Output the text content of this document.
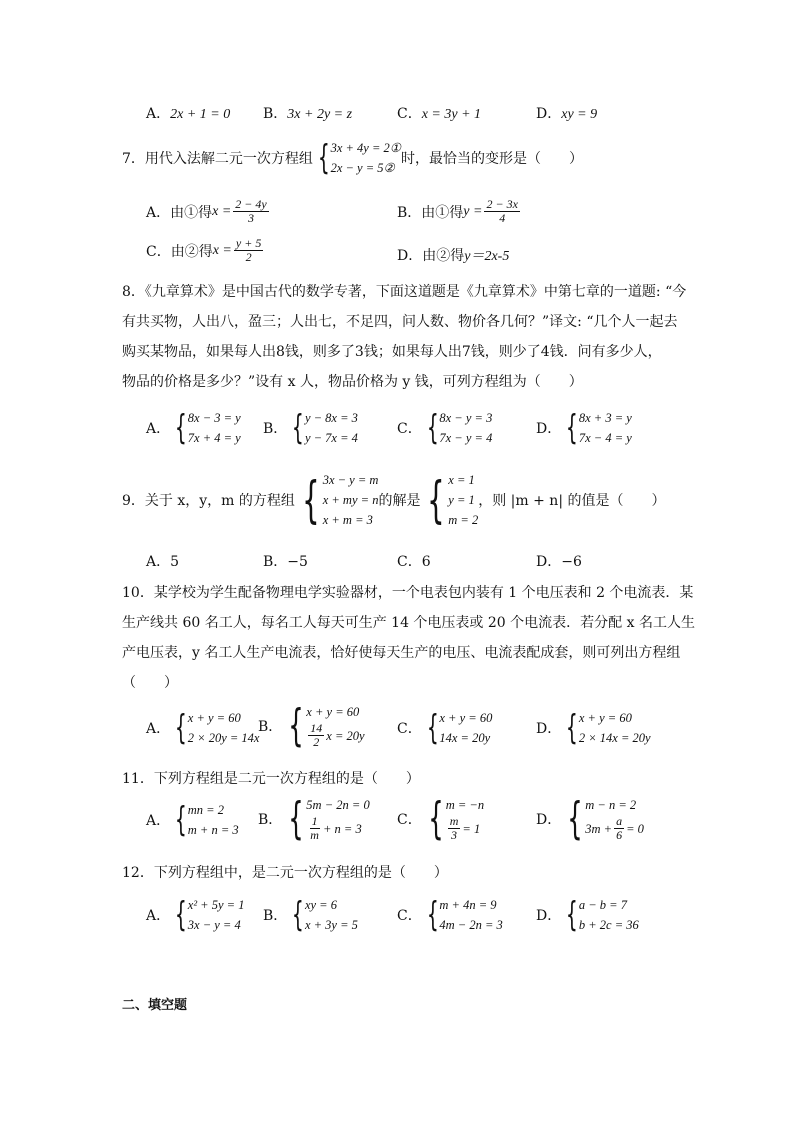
A．2x + 1 = 0 B．3x + 2y = z	C．x = 3y + 1	D．xy = 9
7．用代入法解二元一次方程组 { 3x + 4y = 2①
2x − y = 5②
时，最恰当的变形是（　　）
A．由①得 $x = \frac{2 - 4y}{3}$	B．由①得 $y = \frac{2 - 3x}{4}$
C．由②得 $x = \frac{y + 5}{2}$	D．由②得y＝2x-5
8．《九章算术》是中国古代的数学专著，下面这道题是《九章算术》中第七章的一道题: “今
有共买物，人出八，盈三；人出七，不足四，问人数、物价各几何？”译文: “几个人一起去
购买某物品，如果每人出8钱，则多了3钱；如果每人出7钱，则少了4钱．问有多少人，
物品的价格是多少？”设有 x 人，物品价格为 y 钱，可列方程组为（　　）
A． { 8x − 3 = y
7x + 4 = y
B． { y − 8x = 3
y − 7x = 4
C． { 8x − y = 3
7x − y = 4
D． { 8x + 3 = y
7x − 4 = y
9．关于 x，y，m 的方程组 { 3x − y = m
x + my = n
x + m = 3
的解是 { x = 1
y = 1
m = 2
，则 |m + n| 的值是（　　）
A．5	B．−5	C．6	D．−6
10．某学校为学生配备物理电学实验器材，一个电表包内装有 1 个电压表和 2 个电流表．某
生产线共 60 名工人，每名工人每天可生产 14 个电压表或 20 个电流表．若分配 x 名工人生
产电压表，y 名工人生产电流表，恰好使每天生产的电压、电流表配成套，则可列出方程组
（　　）
A． { x + y = 60
2 × 20y = 14x
B． { x + y = 60
$\frac{14}{2}$ x = 20y C． { x + y = 60
14x = 20y
D． { x + y = 60
2 × 14x = 20y
11．下列方程组是二元一次方程组的是（　　）
A． { mn = 2
m + n = 3
B． { 5m − 2n = 0
$\frac{1}{m} + n = 3$
C． { m = −n
$\frac{m}{3} = 1$
D． { m − n = 2
$3m + \frac{a}{6} = 0$
12．下列方程组中，是二元一次方程组的是（　　）
A． { x² + 5y = 1
3x − y = 4
B． { xy = 6
x + 3y = 5
C． { m + 4n = 9
4m − 2n = 3
D． { a − b = 7
b + 2c = 36
二、填空题
